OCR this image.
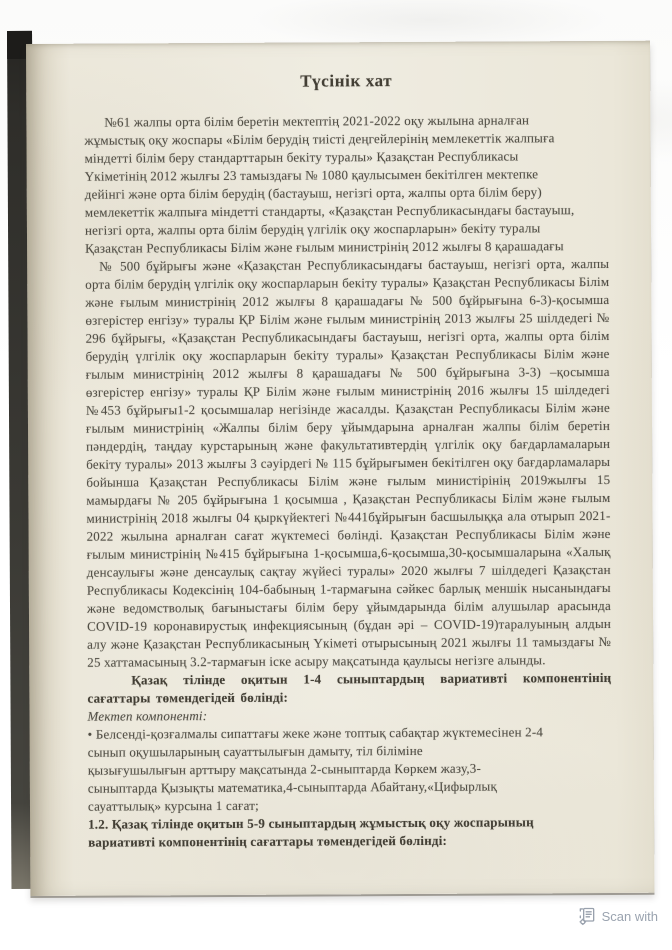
Түсінік хат

№61 жалпы орта білім беретін мектептің 2021-2022 оқу жылына арналған
жұмыстық оқу жоспары «Білім берудің тиісті деңгейлерінің мемлекеттік жалпыға
міндетті білім беру стандарттарын бекіту туралы» Қазақстан Республикасы
Үкіметінің 2012 жылғы 23 тамыздағы № 1080 қаулысымен бекітілген мектепке
дейінгі және орта білім берудің (бастауыш, негізгі орта, жалпы орта білім беру)
мемлекеттік жалпыға міндетті стандарты, «Қазақстан Республикасындағы бастауыш,
негізгі орта, жалпы орта білім берудің үлгілік оқу жоспарларын» бекіту туралы
Қазақстан Республикасы Білім және ғылым министрінің 2012 жылғы 8 қарашадағы

№ 500 бұйрығы және «Қазақстан Республикасындағы бастауыш, негізгі орта, жалпы орта білім берудің үлгілік оқу жоспарларын бекіту туралы» Қазақстан Республикасы Білім және ғылым министрінің 2012 жылғы 8 қарашадағы № 500 бұйрығына 6-3)-қосымша өзгерістер енгізу» туралы ҚР Білім және ғылым министрінің 2013 жылғы 25 шілдедегі № 296 бұйрығы, «Қазақстан Республикасындағы бастауыш, негізгі орта, жалпы орта білім берудің үлгілік оқу жоспарларын бекіту туралы» Қазақстан Республикасы Білім және ғылым министрінің 2012 жылғы 8 қарашадағы № 500 бұйрығына 3-3) –қосымша өзгерістер енгізу» туралы ҚР Білім және ғылым министрінің 2016 жылғы 15 шілдедегі №453 бұйрығы1-2 қосымшалар негізінде жасалды. Қазақстан Республикасы Білім және ғылым министрінің «Жалпы білім беру ұйымдарына арналған жалпы білім беретін пәндердің, таңдау курстарының және факультативтердің үлгілік оқу бағдарламаларын бекіту туралы» 2013 жылғы 3 сәуірдегі № 115 бұйрығымен бекітілген оқу бағдарламалары бойынша Қазақстан Республикасы Білім және ғылым министірінің 2019жылғы 15 мамырдағы № 205 бұйрығына 1 қосымша , Қазақстан Республикасы Білім және ғылым министрінің 2018 жылғы 04 қыркүйектегі №441бұйрығын басшылыққа ала отырып 2021-2022 жылына арналған сағат жүктемесі бөлінді. Қазақстан Республикасы Білім және ғылым министрінің №415 бұйрығына 1-қосымша,6-қосымша,30-қосымшаларына «Халық денсаулығы және денсаулық сақтау жүйесі туралы» 2020 жылғы 7 шілдедегі Қазақстан Республикасы Кодексінің 104-бабының 1-тармағына сәйкес барлық меншік нысанындағы және ведомстволық бағыныстағы білім беру ұйымдарында білім алушылар арасында COVID-19 коронавирустық инфекциясының (бұдан әрі – COVID-19)таралуының алдын алу және Қазақстан Республикасының Үкіметі отырысының 2021 жылғы 11 тамыздағы № 25 хаттамасының 3.2-тармағын іске асыру мақсатында қаулысы негізге алынды.

Қазақ тілінде оқитын 1-4 сыныптардың вариативті компонентінің сағаттары төмендегідей бөлінді:

Мектеп компоненті:

• Белсенді-қозғалмалы сипаттағы жеке және топтық сабақтар жүктемесінен 2-4
сынып оқушыларының сауаттылығын дамыту, тіл біліміне
қызығушылығын арттыру мақсатында 2-сыныптарда Көркем жазу,3-
сыныптарда Қызықты математика,4-сыныптарда Абайтану,«Цифырлық
сауаттылық» курсына 1 сағат;

1.2. Қазақ тілінде оқитын 5-9 сыныптардың жұмыстық оқу жоспарының
вариативті компонентінің сағаттары төмендегідей бөлінді:

Scan with
